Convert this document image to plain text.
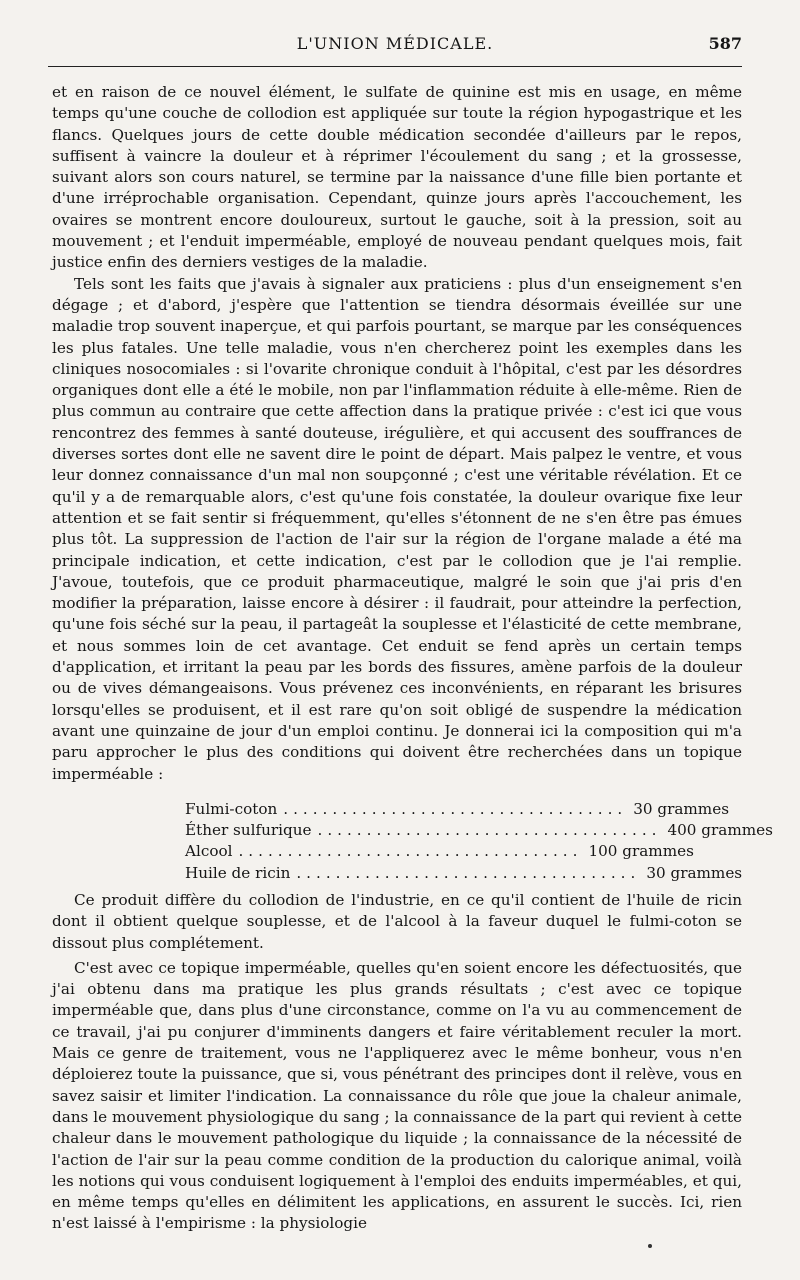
L'UNION MÉDICALE.	587

et en raison de ce nouvel élément, le sulfate de quinine est mis en usage, en même temps qu'une couche de collodion est appliquée sur toute la région hypogastrique et les flancs. Quelques jours de cette double médication secondée d'ailleurs par le repos, suffisent à vaincre la douleur et à réprimer l'écoulement du sang ; et la grossesse, suivant alors son cours naturel, se termine par la naissance d'une fille bien portante et d'une irréprochable organisation. Cependant, quinze jours après l'accouchement, les ovaires se montrent encore douloureux, surtout le gauche, soit à la pression, soit au mouvement ; et l'enduit imperméable, employé de nouveau pendant quelques mois, fait justice enfin des derniers vestiges de la maladie.

Tels sont les faits que j'avais à signaler aux praticiens : plus d'un enseignement s'en dégage ; et d'abord, j'espère que l'attention se tiendra désormais éveillée sur une maladie trop souvent inaperçue, et qui parfois pourtant, se marque par les conséquences les plus fatales. Une telle maladie, vous n'en chercherez point les exemples dans les cliniques nosocomiales : si l'ovarite chronique conduit à l'hôpital, c'est par les désordres organiques dont elle a été le mobile, non par l'inflammation réduite à elle-même. Rien de plus commun au contraire que cette affection dans la pratique privée : c'est ici que vous rencontrez des femmes à santé douteuse, irégulière, et qui accusent des souffrances de diverses sortes dont elle ne savent dire le point de départ. Mais palpez le ventre, et vous leur donnez connaissance d'un mal non soupçonné ; c'est une véritable révélation. Et ce qu'il y a de remarquable alors, c'est qu'une fois constatée, la douleur ovarique fixe leur attention et se fait sentir si fréquemment, qu'elles s'étonnent de ne s'en être pas émues plus tôt. La suppression de l'action de l'air sur la région de l'organe malade a été ma principale indication, et cette indication, c'est par le collodion que je l'ai remplie. J'avoue, toutefois, que ce produit pharmaceutique, malgré le soin que j'ai pris d'en modifier la préparation, laisse encore à désirer : il faudrait, pour atteindre la perfection, qu'une fois séché sur la peau, il partageât la souplesse et l'élasticité de cette membrane, et nous sommes loin de cet avantage. Cet enduit se fend après un certain temps d'application, et irritant la peau par les bords des fissures, amène parfois de la douleur ou de vives démangeaisons. Vous prévenez ces inconvénients, en réparant les brisures lorsqu'elles se produisent, et il est rare qu'on soit obligé de suspendre la médication avant une quinzaine de jour d'un emploi continu. Je donnerai ici la composition qui m'a paru approcher le plus des conditions qui doivent être recherchées dans un topique imperméable :

Fulmi-coton ................................... 30 grammes
Éther sulfurique ................................... 400 grammes
Alcool ................................... 100 grammes
Huile de ricin ................................... 30 grammes

Ce produit diffère du collodion de l'industrie, en ce qu'il contient de l'huile de ricin dont il obtient quelque souplesse, et de l'alcool à la faveur duquel le fulmi-coton se dissout plus complétement.

C'est avec ce topique imperméable, quelles qu'en soient encore les défectuosités, que j'ai obtenu dans ma pratique les plus grands résultats ; c'est avec ce topique imperméable que, dans plus d'une circonstance, comme on l'a vu au commencement de ce travail, j'ai pu conjurer d'imminents dangers et faire véritablement reculer la mort. Mais ce genre de traitement, vous ne l'appliquerez avec le même bonheur, vous n'en déploierez toute la puissance, que si, vous pénétrant des principes dont il relève, vous en savez saisir et limiter l'indication. La connaissance du rôle que joue la chaleur animale, dans le mouvement physiologique du sang ; la connaissance de la part qui revient à cette chaleur dans le mouvement pathologique du liquide ; la connaissance de la nécessité de l'action de l'air sur la peau comme condition de la production du calorique animal, voilà les notions qui vous conduisent logiquement à l'emploi des enduits imperméables, et qui, en même temps qu'elles en délimitent les applications, en assurent le succès. Ici, rien n'est laissé à l'empirisme : la physiologie
